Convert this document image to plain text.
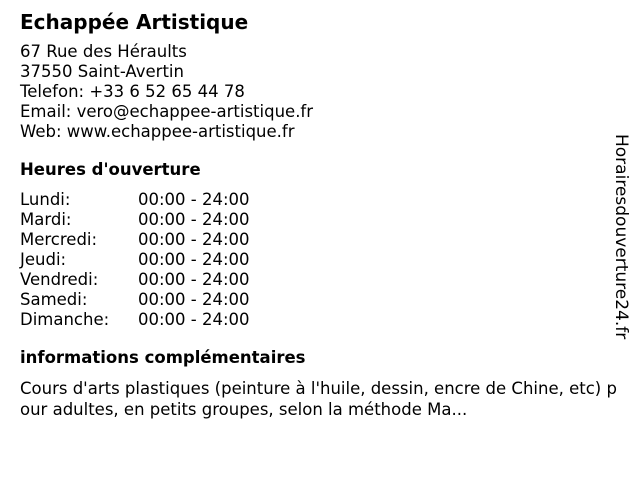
Echappée Artistique
67 Rue des Héraults
37550 Saint-Avertin
Telefon: +33 6 52 65 44 78
Email: vero@echappee-artistique.fr
Web: www.echappee-artistique.fr
Heures d'ouverture
Lundi:	00:00 - 24:00
Mardi:	00:00 - 24:00
Mercredi:	00:00 - 24:00
Jeudi:	00:00 - 24:00
Vendredi:	00:00 - 24:00
Samedi:	00:00 - 24:00
Dimanche:	00:00 - 24:00
informations complémentaires
Cours d'arts plastiques (peinture à l'huile, dessin, encre de Chine, etc) pour adultes, en petits groupes, selon la méthode Ma...
Horairesdouverture24.fr
